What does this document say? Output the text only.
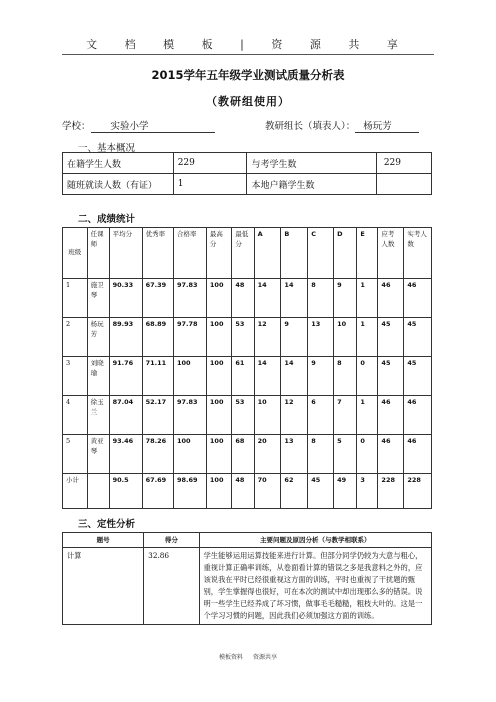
文 档 模 板 | 资 源 共 享
2015学年五年级学业测试质量分析表
（教研组使用）
学校： 实验小学	教研组长（填表人）： 杨玩芳
一、基本概况
在籍学生人数	229	与考学生数	229
随班就读人数（有证）	1	本地户籍学生数	
二、成绩统计
班级	任课师	平均分	优秀率	合格率	最高分	最低分	A	B	C	D	E	应考人数	实考人数
1	施卫琴	90.33	67.39	97.83	100	48	14	14	8	9	1	46	46
2	杨玩芳	89.93	68.89	97.78	100	53	12	9	13	10	1	45	45
3	刘晓瑜	91.76	71.11	100	100	61	14	14	9	8	0	45	45
4	徐玉兰	87.04	52.17	97.83	100	53	10	12	6	7	1	46	46
5	黄亚琴	93.46	78.26	100	100	68	20	13	8	5	0	46	46
小计		90.5	67.69	98.69	100	48	70	62	45	49	3	228	228
三、定性分析
题号	得分	主要问题及原因分析（与教学相联系）
计算	32.86	学生能够运用运算技能来进行计算。但部分同学仍较为大意与粗心，重视计算正确率训练，从卷面看计算的错误之多是我意料之外的，应该说我在平时已经很重视这方面的训练，平时也重视了干扰题的甄别，学生掌握得也很好，可在本次的测试中却出现那么多的错误。说明一些学生已经养成了坏习惯，做事毛毛糙糙，粗枝大叶的。这是一个学习习惯的问题，因此我们必须加强这方面的训练。
模板资料 资源共享
